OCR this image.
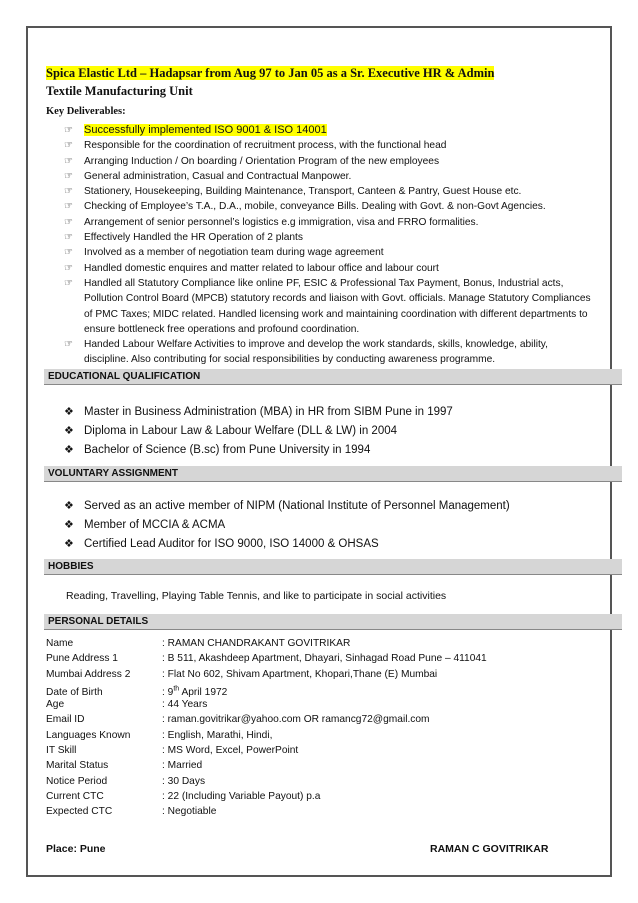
Spica Elastic Ltd – Hadapsar from Aug 97 to Jan 05 as a Sr. Executive HR & Admin
Textile Manufacturing Unit
Key Deliverables:
☞ Successfully implemented ISO 9001 & ISO 14001
☞ Responsible for the coordination of recruitment process, with the functional head
☞ Arranging Induction / On boarding / Orientation Program of the new employees
☞ General administration, Casual and Contractual Manpower.
☞ Stationery, Housekeeping, Building Maintenance, Transport, Canteen & Pantry, Guest House etc.
☞ Checking of Employee’s T.A., D.A., mobile, conveyance Bills. Dealing with Govt. & non-Govt Agencies.
☞ Arrangement of senior personnel’s logistics e.g immigration, visa and FRRO formalities.
☞ Effectively Handled the HR Operation of 2 plants
☞ Involved as a member of negotiation team during wage agreement
☞ Handled domestic enquires and matter related to labour office and labour court
☞ Handled all Statutory Compliance like online PF, ESIC & Professional Tax Payment, Bonus, Industrial acts, Pollution Control Board (MPCB) statutory records and liaison with Govt. officials. Manage Statutory Compliances of PMC Taxes; MIDC related. Handled licensing work and maintaining coordination with different departments to ensure bottleneck free operations and profound coordination.
☞ Handed Labour Welfare Activities to improve and develop the work standards, skills, knowledge, ability, discipline. Also contributing for social responsibilities by conducting awareness programme.
EDUCATIONAL QUALIFICATION
❖ Master in Business Administration (MBA) in HR from SIBM Pune in 1997
❖ Diploma in Labour Law & Labour Welfare (DLL & LW) in 2004
❖ Bachelor of Science (B.sc) from Pune University in 1994
VOLUNTARY ASSIGNMENT
❖ Served as an active member of NIPM (National Institute of Personnel Management)
❖ Member of MCCIA & ACMA
❖ Certified Lead Auditor for ISO 9000, ISO 14000 & OHSAS
HOBBIES
Reading, Travelling, Playing Table Tennis, and like to participate in social activities
PERSONAL DETAILS
Name	: RAMAN CHANDRAKANT GOVITRIKAR
Pune Address 1	: B 511, Akashdeep Apartment, Dhayari, Sinhagad Road Pune – 411041
Mumbai Address 2	: Flat No 602, Shivam Apartment, Khopari,Thane (E) Mumbai
Date of Birth	: 9th April 1972
Age	: 44 Years
Email ID	: raman.govitrikar@yahoo.com OR ramancg72@gmail.com
Languages Known	: English, Marathi, Hindi,
IT Skill	: MS Word, Excel, PowerPoint
Marital Status	: Married
Notice Period	: 30 Days
Current CTC	: 22 (Including Variable Payout) p.a
Expected CTC	: Negotiable
Place: Pune	RAMAN C GOVITRIKAR
